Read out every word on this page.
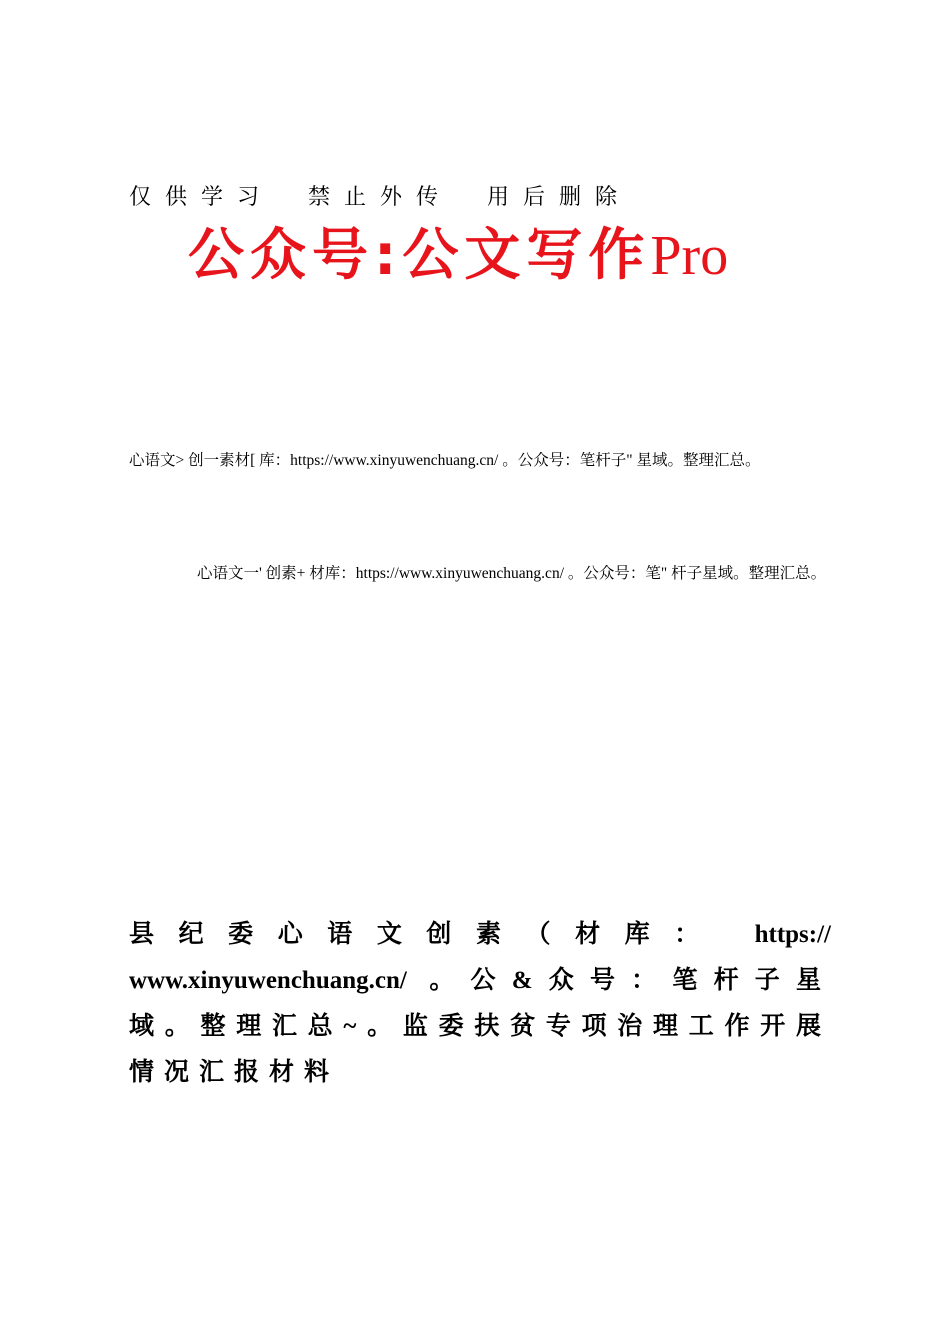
仅供学习 禁止外传 用后删除
公众号:公文写作Pro
心语文> 创一素材[ 库：https://www.xinyuwenchuang.cn/ 。公众号：笔杆子" 星域。整理汇总。
心语文一' 创素+ 材库：https://www.xinyuwenchuang.cn/ 。公众号：笔" 杆子星域。整理汇总。
县纪委心语文创素（材库： https:// www.xinyuwenchuang.cn/ 。公&众号：笔杆子星域。整理汇总~。监委扶贫专项治理工作开展情况汇报材料
